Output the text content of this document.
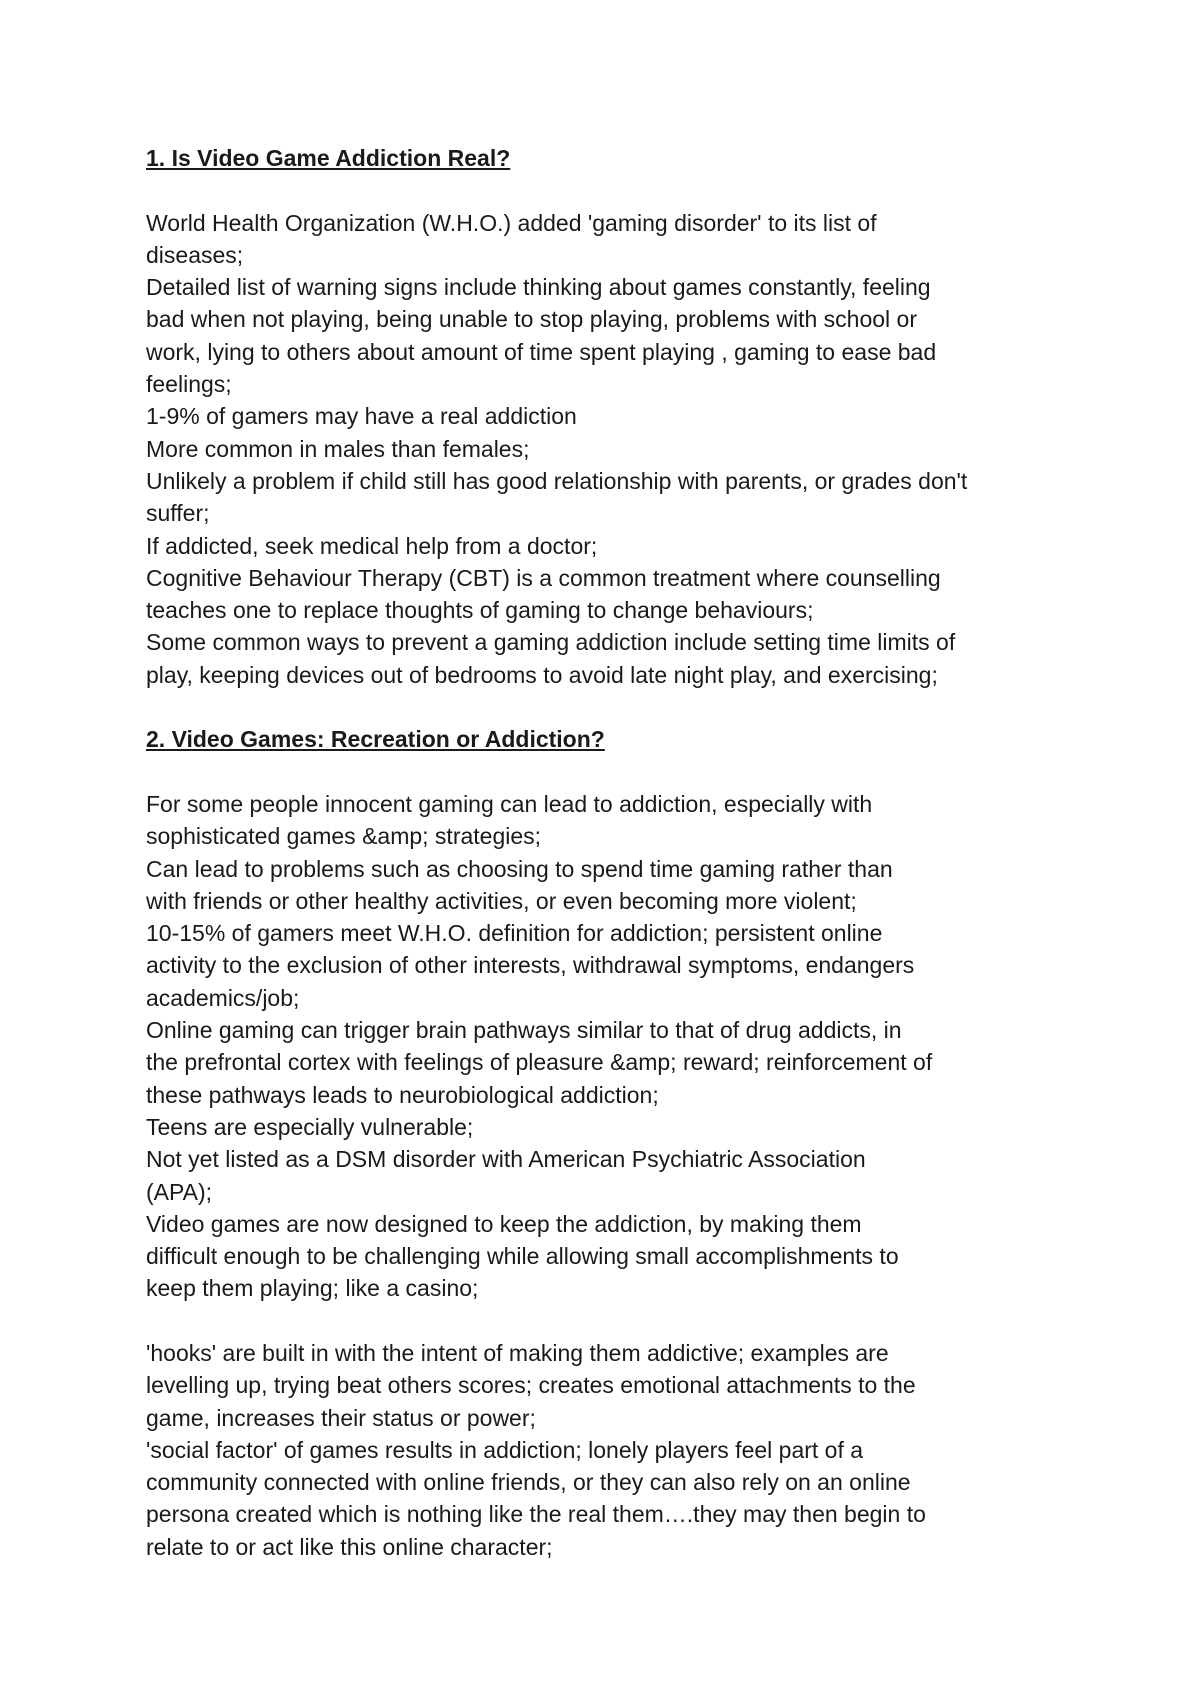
1. Is Video Game Addiction Real?

World Health Organization (W.H.O.) added 'gaming disorder' to its list of

diseases;

Detailed list of warning signs include thinking about games constantly, feeling

bad when not playing, being unable to stop playing, problems with school or

work, lying to others about amount of time spent playing , gaming to ease bad

feelings;

1-9% of gamers may have a real addiction

More common in males than females;

Unlikely a problem if child still has good relationship with parents, or grades don't

suffer;

If addicted, seek medical help from a doctor;

Cognitive Behaviour Therapy (CBT) is a common treatment where counselling

teaches one to replace thoughts of gaming to change behaviours;

Some common ways to prevent a gaming addiction include setting time limits of

play, keeping devices out of bedrooms to avoid late night play, and exercising;

2. Video Games: Recreation or Addiction?

For some people innocent gaming can lead to addiction, especially with

sophisticated games &amp; strategies;

Can lead to problems such as choosing to spend time gaming rather than

with friends or other healthy activities, or even becoming more violent;

10-15% of gamers meet W.H.O. definition for addiction; persistent online

activity to the exclusion of other interests, withdrawal symptoms, endangers

academics/job;

Online gaming can trigger brain pathways similar to that of drug addicts, in

the prefrontal cortex with feelings of pleasure &amp; reward; reinforcement of

these pathways leads to neurobiological addiction;

Teens are especially vulnerable;

Not yet listed as a DSM disorder with American Psychiatric Association

(APA);

Video games are now designed to keep the addiction, by making them

difficult enough to be challenging while allowing small accomplishments to

keep them playing; like a casino;

'hooks' are built in with the intent of making them addictive; examples are

levelling up, trying beat others scores; creates emotional attachments to the

game, increases their status or power;

'social factor' of games results in addiction; lonely players feel part of a

community connected with online friends, or they can also rely on an online

persona created which is nothing like the real them….they may then begin to

relate to or act like this online character;
